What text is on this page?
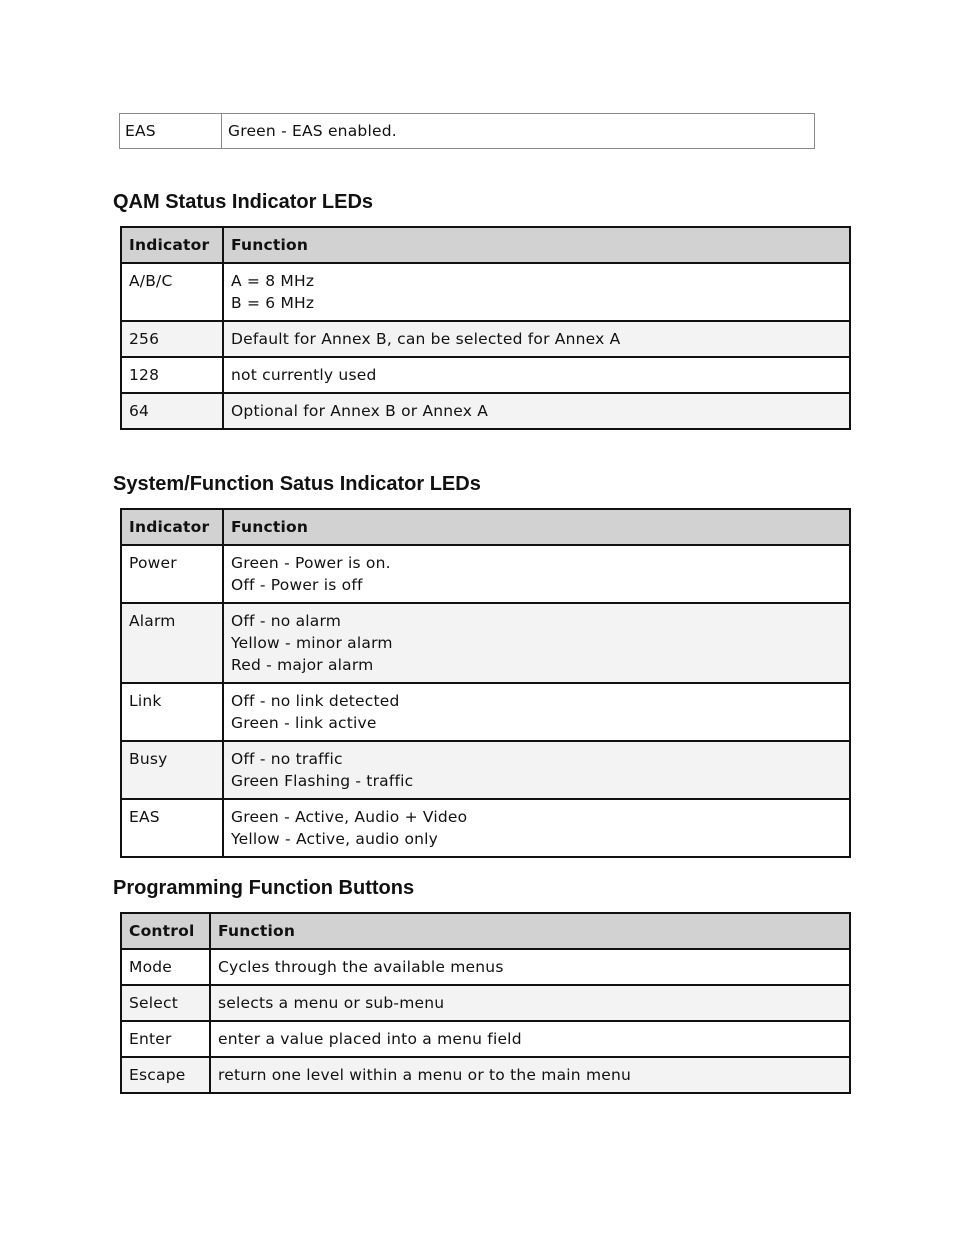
EAS	Green - EAS enabled.
QAM Status Indicator LEDs
Indicator	Function
A/B/C	A = 8 MHz
B = 6 MHz

256	Default for Annex B, can be selected for Annex A
128	not currently used
64	Optional for Annex B or Annex A
System/Function Satus Indicator LEDs
Indicator	Function
Power	Green - Power is on.
Off - Power is off

Alarm	Off - no alarm
Yellow - minor alarm
Red - major alarm

Link	Off - no link detected
Green - link active

Busy	Off - no traffic
Green Flashing - traffic

EAS	Green - Active, Audio + Video
Yellow - Active, audio only
Programming Function Buttons
Control	Function
Mode	Cycles through the available menus
Select	selects a menu or sub-menu
Enter	enter a value placed into a menu field
Escape	return one level within a menu or to the main menu
